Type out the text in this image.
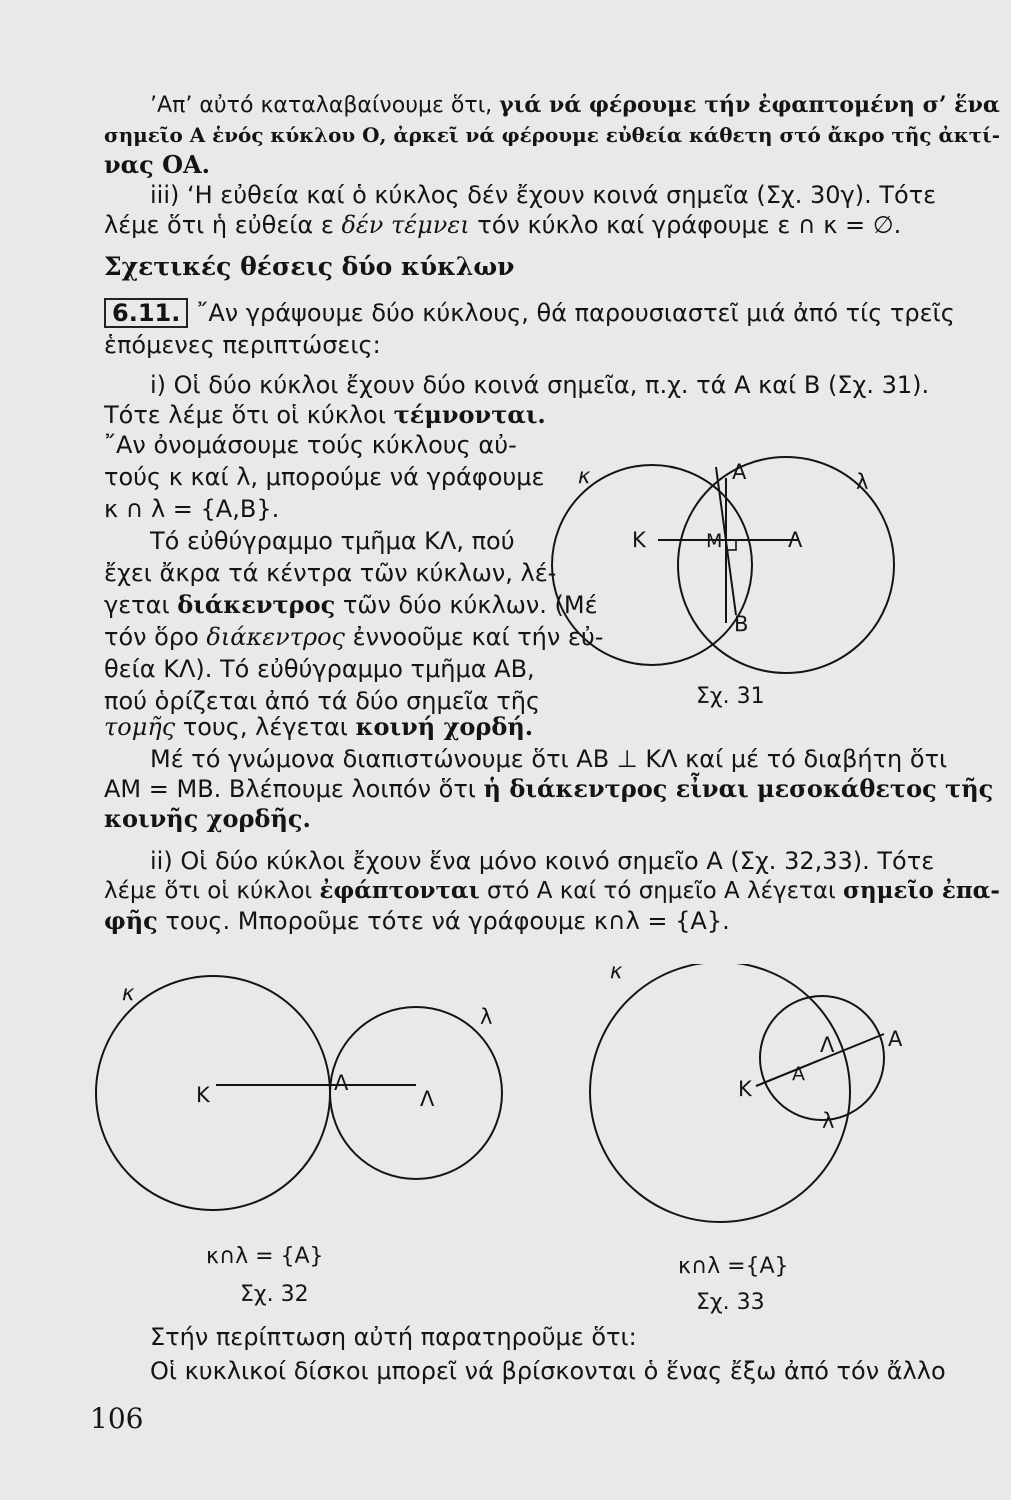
’Απ’ αὐτό καταλαβαίνουμε ὅτι, γιά νά φέρουμε τήν ἐφαπτομένη σ’ ἕνα
σημεῖο Α ἑνός κύκλου Ο, ἀρκεῖ νά φέρουμε εὐθεία κάθετη στό ἄκρο τῆς ἀκτί-
νας ΟΑ.
iii) ‘Η εὐθεία καί ὁ κύκλος δέν ἔχουν κοινά σημεῖα (Σχ. 30γ). Τότε
λέμε ὅτι ἡ εὐθεία ε δέν τέμνει τόν κύκλο καί γράφουμε ε ∩ κ = ∅.
Σχετικές θέσεις δύο κύκλων
6.11. ῎Αν γράψουμε δύο κύκλους, θά παρουσιαστεῖ μιά ἀπό τίς τρεῖς
ἑπόμενες περιπτώσεις:
i) Οἱ δύο κύκλοι ἔχουν δύο κοινά σημεῖα, π.χ. τά Α καί Β (Σχ. 31).
Τότε λέμε ὅτι οἱ κύκλοι τέμνονται.
῎Αν ὀνομάσουμε τούς κύκλους αὐ-
τούς κ καί λ, μπορούμε νά γράφουμε
κ ∩ λ = {Α,Β}.
Τό εὐθύγραμμο τμῆμα ΚΛ, πού
ἔχει ἄκρα τά κέντρα τῶν κύκλων, λέ-
γεται διάκεντρος τῶν δύο κύκλων. (Μέ
τόν ὅρο διάκεντρος ἐννοοῦμε καί τήν εὐ-
θεία ΚΛ). Τό εὐθύγραμμο τμῆμα ΑΒ,
πού ὁρίζεται ἀπό τά δύο σημεῖα τῆς
τομῆς τους, λέγεται κοινή χορδή.
Μέ τό γνώμονα διαπιστώνουμε ὅτι ΑΒ ⊥ ΚΛ καί μέ τό διαβήτη ὅτι
ΑΜ = ΜΒ. Βλέπουμε λοιπόν ὅτι ἡ διάκεντρος εἶναι μεσοκάθετος τῆς
κοινῆς χορδῆς.
ii) Οἱ δύο κύκλοι ἔχουν ἕνα μόνο κοινό σημεῖο Α (Σχ. 32,33). Τότε
λέμε ὅτι οἱ κύκλοι ἐφάπτονται στό Α καί τό σημεῖο Α λέγεται σημεῖο ἐπα-
φῆς τους. Μποροῦμε τότε νά γράφουμε κ∩λ = {Α}.
κ	λ
Α
Β
Κ	Λ
Μ
Σχ. 31
κ
λ
Κ	Λ
Α
κ∩λ = {Α}
Σχ. 32
κ
Κ
Λ
λ
Α
Α
κ∩λ ={Α}
Σχ. 33
Στήν περίπτωση αὐτή παρατηροῦμε ὅτι:
Οἱ κυκλικοί δίσκοι μπορεῖ νά βρίσκονται ὁ ἕνας ἔξω ἀπό τόν ἄλλο
106
